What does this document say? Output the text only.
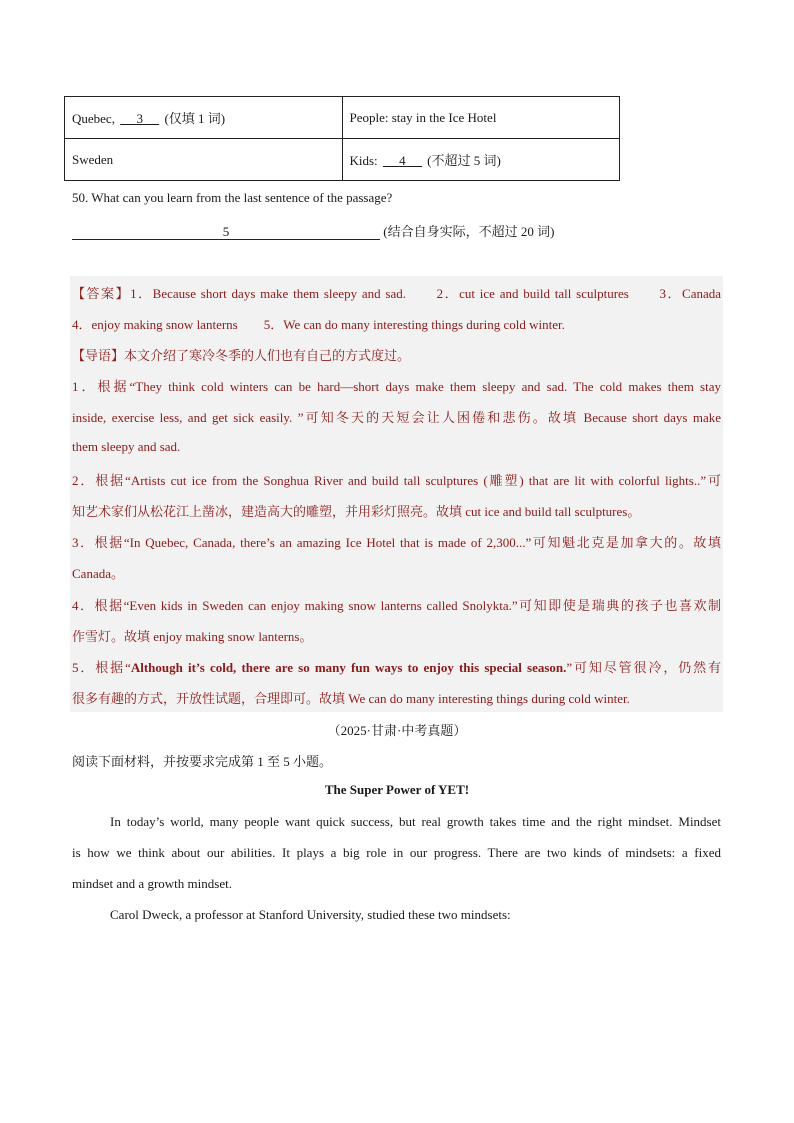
Quebec, 3 (仅填 1 词)	People: stay in the Ice Hotel
Sweden	Kids: 4 (不超过 5 词)
50. What can you learn from the last sentence of the passage?
5	(结合自身实际，不超过 20 词)
【答案】1．Because short days make them sleepy and sad.　　2．cut ice and build tall sculptures　　3．Canada
4．enjoy making snow lanterns　　5．We can do many interesting things during cold winter.
【导语】本文介绍了寒冷冬季的人们也有自己的方式度过。
1．根据“They think cold winters can be hard—short days make them sleepy and sad. The cold makes them stay
inside, exercise less, and get sick easily. ”可知冬天的天短会让人困倦和悲伤。故填 Because short days make
them sleepy and sad.
2．根据“Artists cut ice from the Songhua River and build tall sculptures (雕塑) that are lit with colorful lights..”可
知艺术家们从松花江上凿冰，建造高大的雕塑，并用彩灯照亮。故填 cut ice and build tall sculptures。
3．根据“In Quebec, Canada, there’s an amazing Ice Hotel that is made of 2,300...”可知魁北克是加拿大的。故填
Canada。
4．根据“Even kids in Sweden can enjoy making snow lanterns called Snolykta.”可知即使是瑞典的孩子也喜欢制
作雪灯。故填 enjoy making snow lanterns。
5．根据“Although it’s cold, there are so many fun ways to enjoy this special season.”可知尽管很冷，仍然有
很多有趣的方式，开放性试题，合理即可。故填 We can do many interesting things during cold winter.
（2025·甘肃·中考真题）
阅读下面材料，并按要求完成第 1 至 5 小题。
The Super Power of YET!
In today’s world, many people want quick success, but real growth takes time and the right mindset. Mindset
is how we think about our abilities. It plays a big role in our progress. There are two kinds of mindsets: a fixed
mindset and a growth mindset.
Carol Dweck, a professor at Stanford University, studied these two mindsets:
